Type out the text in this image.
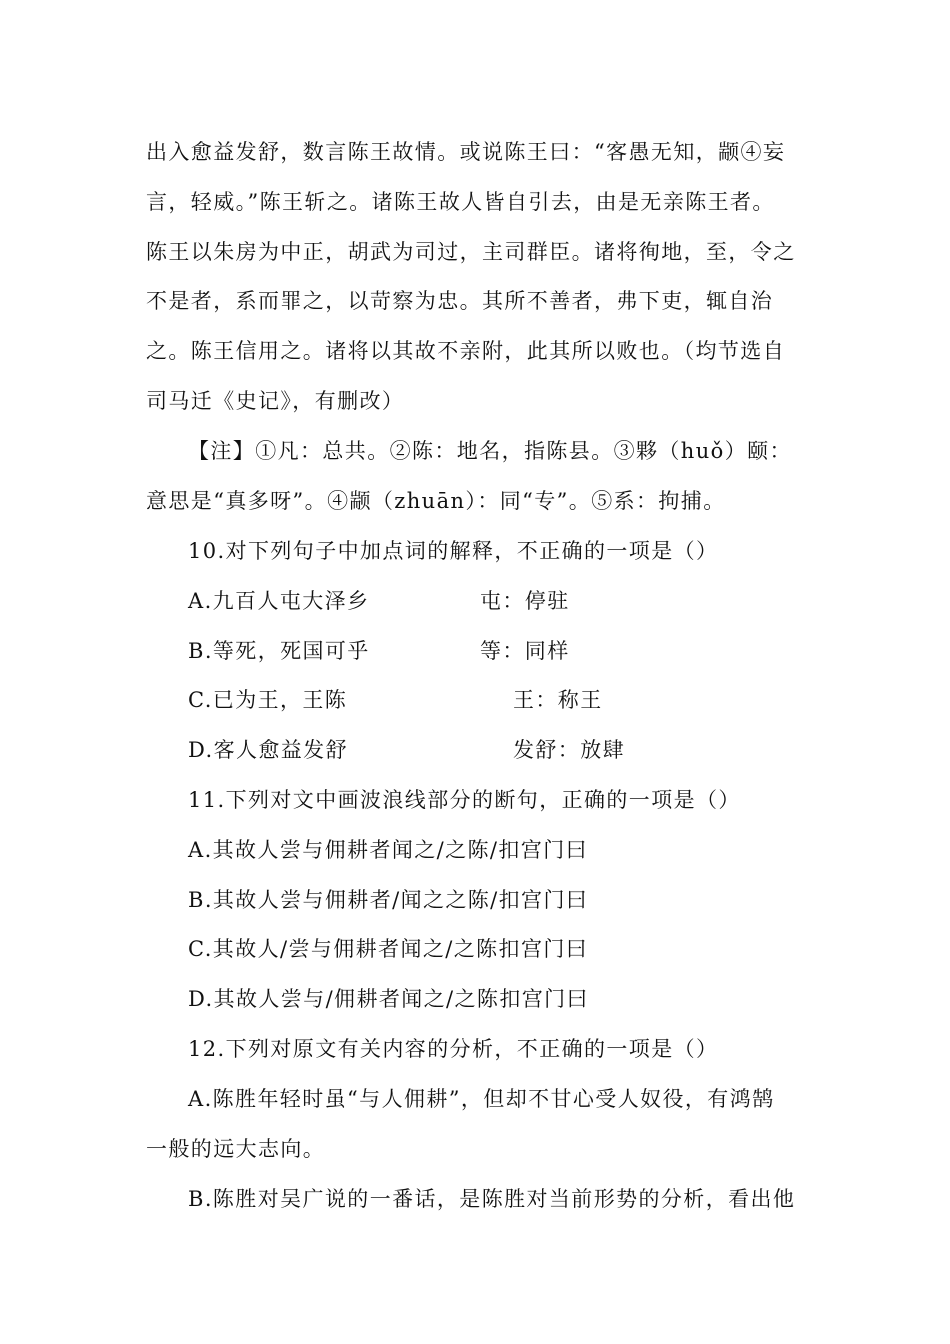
出入愈益发舒，数言陈王故情。或说陈王曰：“客愚无知，颛④妄
言，轻威。”陈王斩之。诸陈王故人皆自引去，由是无亲陈王者。
陈王以朱房为中正，胡武为司过，主司群臣。诸将徇地，至，令之
不是者，系而罪之，以苛察为忠。其所不善者，弗下吏，辄自治
之。陈王信用之。诸将以其故不亲附，此其所以败也。（均节选自
司马迁《史记》，有删改）
【注】①凡：总共。②陈：地名，指陈县。③夥（huǒ）颐：
意思是“真多呀”。④颛（zhuān）：同“专”。⑤系：拘捕。
10.对下列句子中加点词的解释，不正确的一项是（）
A.九百人屯大泽乡	屯：停驻
B.等死，死国可乎	等：同样
C.已为王，王陈	王：称王
D.客人愈益发舒	发舒：放肆
11.下列对文中画波浪线部分的断句，正确的一项是（）
A.其故人尝与佣耕者闻之/之陈/扣宫门曰
B.其故人尝与佣耕者/闻之之陈/扣宫门曰
C.其故人/尝与佣耕者闻之/之陈扣宫门曰
D.其故人尝与/佣耕者闻之/之陈扣宫门曰
12.下列对原文有关内容的分析，不正确的一项是（）
A.陈胜年轻时虽“与人佣耕”，但却不甘心受人奴役，有鸿鹄
一般的远大志向。
B.陈胜对吴广说的一番话，是陈胜对当前形势的分析，看出他
